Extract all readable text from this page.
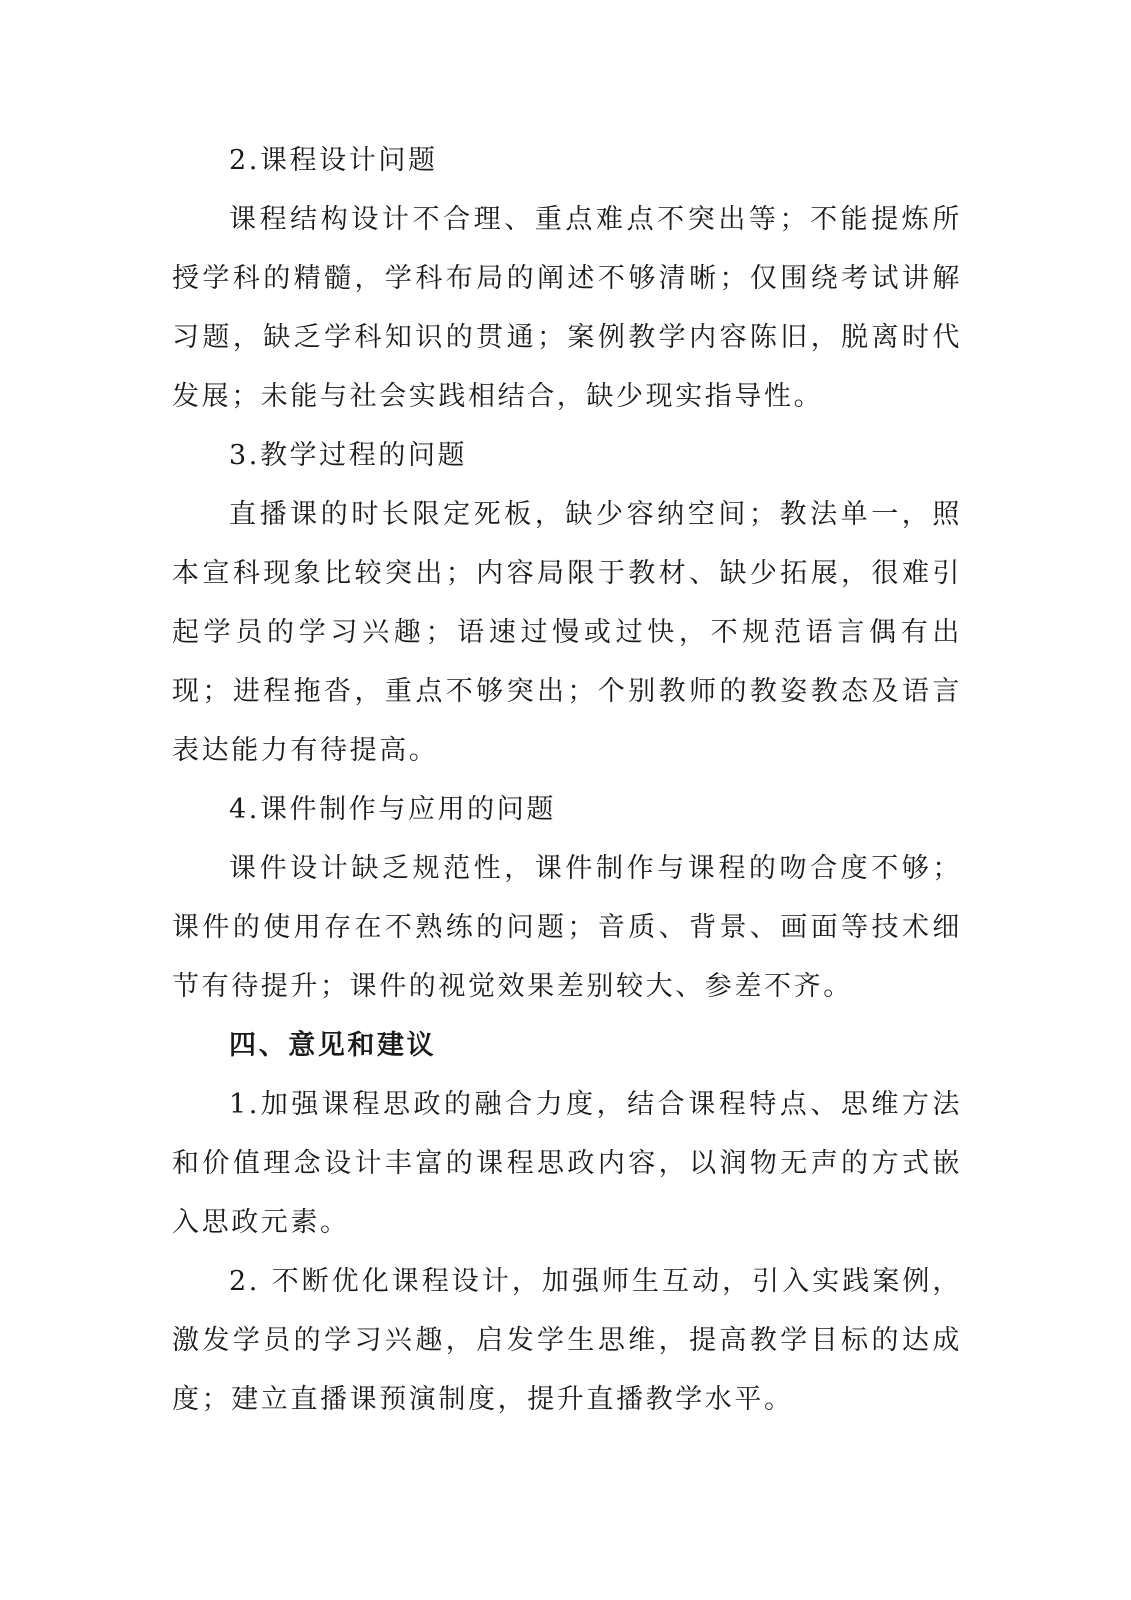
2.课程设计问题

课程结构设计不合理、重点难点不突出等；不能提炼所授学科的精髓，学科布局的阐述不够清晰；仅围绕考试讲解习题，缺乏学科知识的贯通；案例教学内容陈旧，脱离时代发展；未能与社会实践相结合，缺少现实指导性。

3.教学过程的问题

直播课的时长限定死板，缺少容纳空间；教法单一，照本宣科现象比较突出；内容局限于教材、缺少拓展，很难引起学员的学习兴趣；语速过慢或过快，不规范语言偶有出现；进程拖沓，重点不够突出；个别教师的教姿教态及语言表达能力有待提高。

4.课件制作与应用的问题

课件设计缺乏规范性，课件制作与课程的吻合度不够；课件的使用存在不熟练的问题；音质、背景、画面等技术细节有待提升；课件的视觉效果差别较大、参差不齐。

四、意见和建议

1.加强课程思政的融合力度，结合课程特点、思维方法和价值理念设计丰富的课程思政内容，以润物无声的方式嵌入思政元素。

2. 不断优化课程设计，加强师生互动，引入实践案例，激发学员的学习兴趣，启发学生思维，提高教学目标的达成度；建立直播课预演制度，提升直播教学水平。
